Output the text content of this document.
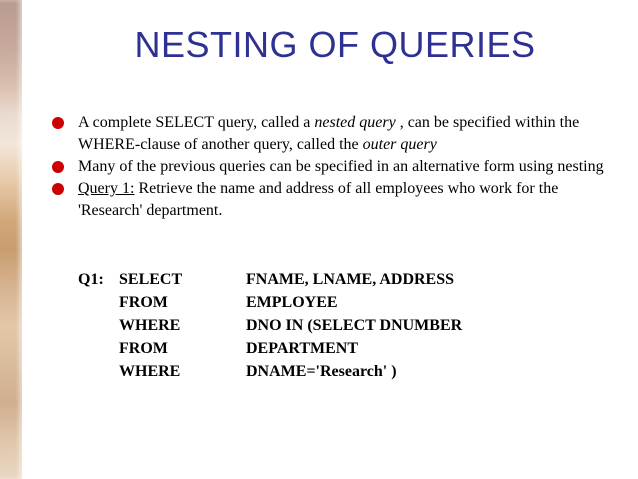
NESTING OF QUERIES
A complete SELECT query, called a nested query , can be specified within the WHERE-clause of another query, called the outer query
Many of the previous queries can be specified in an alternative form using nesting
Query 1: Retrieve the name and address of all employees who work for the 'Research' department.
Q1: SELECT	FNAME, LNAME, ADDRESS
FROM	EMPLOYEE
WHERE	DNO IN (SELECT DNUMBER
FROM	DEPARTMENT
WHERE	DNAME='Research' )
